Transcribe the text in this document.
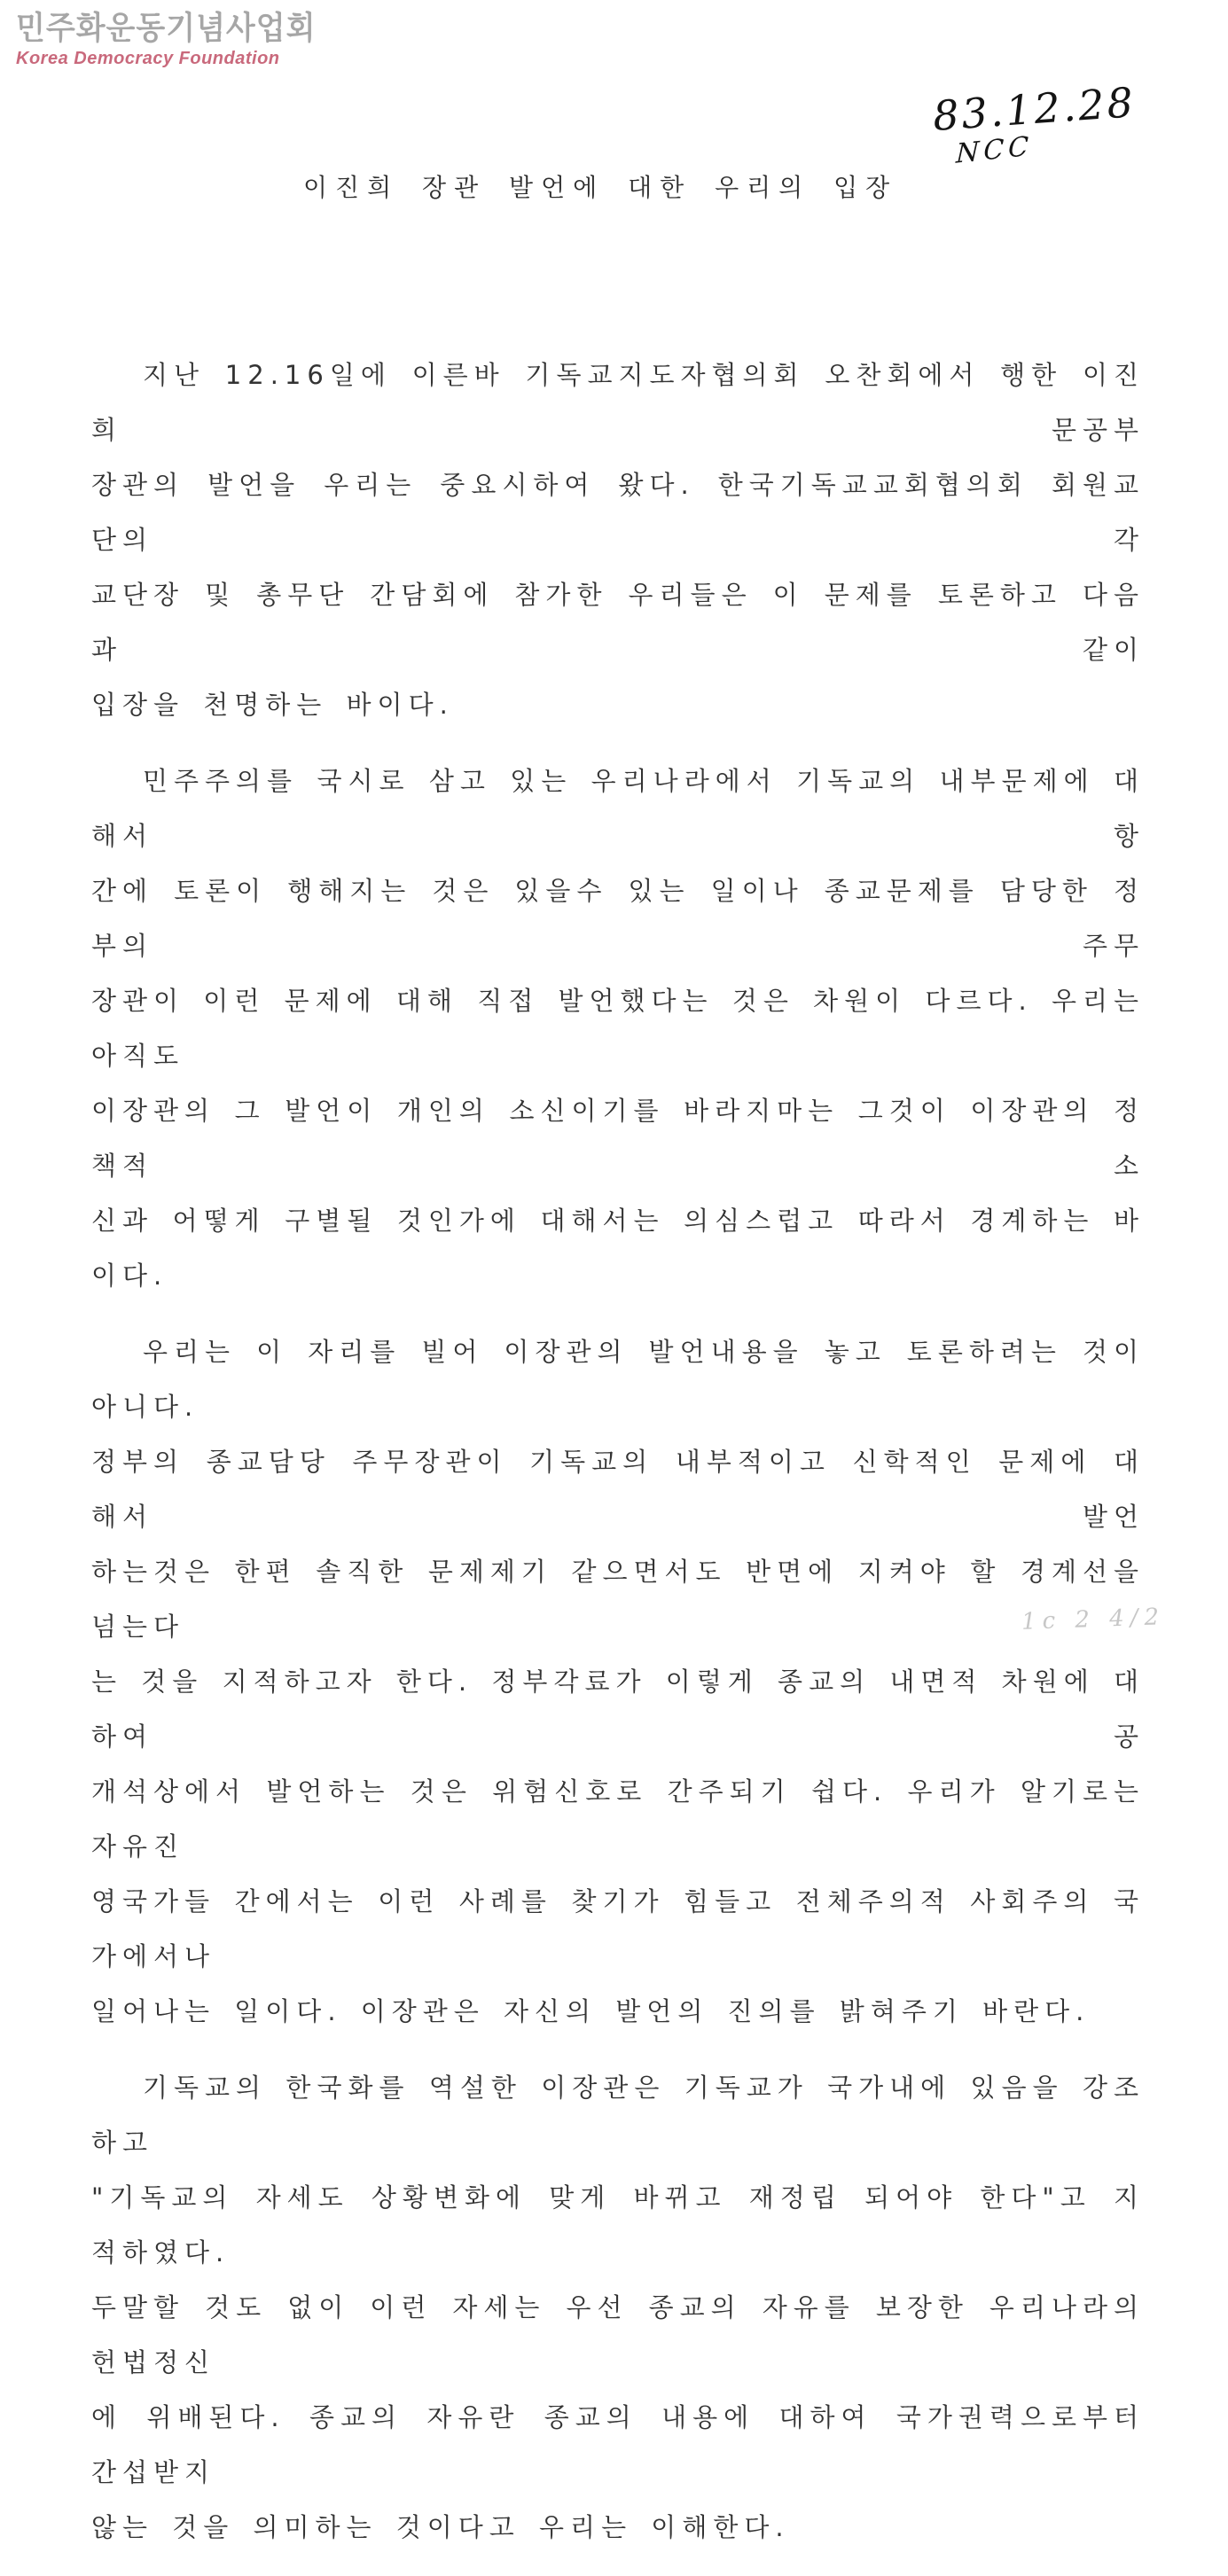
민주화운동기념사업회
Korea Democracy Foundation
83.12.28
NCC
이진희 장관 발언에 대한 우리의 입장
지난 12.16일에 이른바 기독교지도자협의회 오찬회에서 행한 이진희 문공부
장관의 발언을 우리는 중요시하여 왔다. 한국기독교교회협의회 회원교단의 각
교단장 및 총무단 간담회에 참가한 우리들은 이 문제를 토론하고 다음과 같이
입장을 천명하는 바이다.
민주주의를 국시로 삼고 있는 우리나라에서 기독교의 내부문제에 대해서 항
간에 토론이 행해지는 것은 있을수 있는 일이나 종교문제를 담당한 정부의 주무
장관이 이런 문제에 대해 직접 발언했다는 것은 차원이 다르다. 우리는 아직도
이장관의 그 발언이 개인의 소신이기를 바라지마는 그것이 이장관의 정책적 소
신과 어떻게 구별될 것인가에 대해서는 의심스럽고 따라서 경계하는 바이다.
우리는 이 자리를 빌어 이장관의 발언내용을 놓고 토론하려는 것이 아니다.
정부의 종교담당 주무장관이 기독교의 내부적이고 신학적인 문제에 대해서 발언
하는것은 한편 솔직한 문제제기 같으면서도 반면에 지켜야 할 경계선을 넘는다
는 것을 지적하고자 한다. 정부각료가 이렇게 종교의 내면적 차원에 대하여 공
개석상에서 발언하는 것은 위험신호로 간주되기 쉽다. 우리가 알기로는 자유진
영국가들 간에서는 이런 사례를 찾기가 힘들고 전체주의적 사회주의 국가에서나
일어나는 일이다. 이장관은 자신의 발언의 진의를 밝혀주기 바란다.
기독교의 한국화를 역설한 이장관은 기독교가 국가내에 있음을 강조하고
"기독교의 자세도 상황변화에 맞게 바뀌고 재정립 되어야 한다"고 지적하였다.
두말할 것도 없이 이런 자세는 우선 종교의 자유를 보장한 우리나라의 헌법정신
에 위배된다. 종교의 자유란 종교의 내용에 대하여 국가권력으로부터 간섭받지
않는 것을 의미하는 것이다고 우리는 이해한다.
1c 2 4/2
